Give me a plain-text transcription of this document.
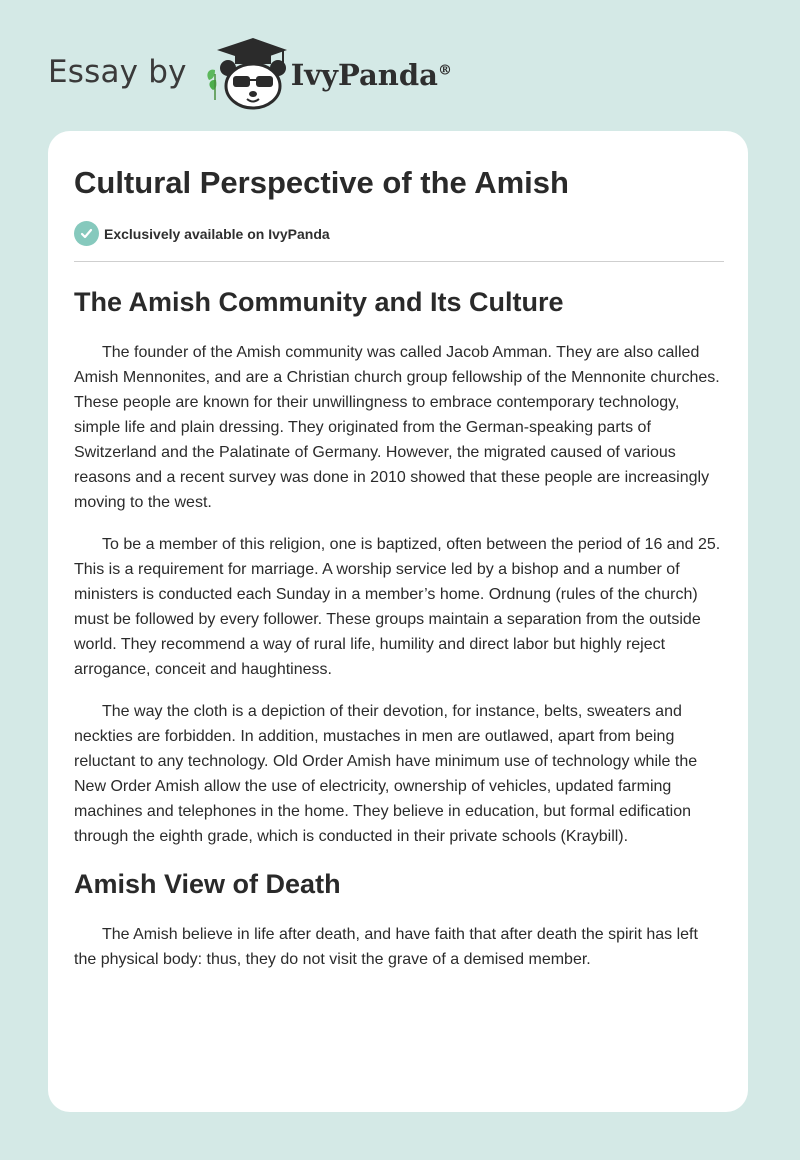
Essay by	IvyPanda®
Cultural Perspective of the Amish
Exclusively available on IvyPanda
The Amish Community and Its Culture

The founder of the Amish community was called Jacob Amman. They are also called Amish Mennonites, and are a Christian church group fellowship of the Mennonite churches. These people are known for their unwillingness to embrace contemporary technology, simple life and plain dressing. They originated from the German-speaking parts of Switzerland and the Palatinate of Germany. However, the migrated caused of various reasons and a recent survey was done in 2010 showed that these people are increasingly moving to the west.

To be a member of this religion, one is baptized, often between the period of 16 and 25. This is a requirement for marriage. A worship service led by a bishop and a number of ministers is conducted each Sunday in a member’s home. Ordnung (rules of the church) must be followed by every follower. These groups maintain a separation from the outside world. They recommend a way of rural life, humility and direct labor but highly reject arrogance, conceit and haughtiness.

The way the cloth is a depiction of their devotion, for instance, belts, sweaters and neckties are forbidden. In addition, mustaches in men are outlawed, apart from being reluctant to any technology. Old Order Amish have minimum use of technology while the New Order Amish allow the use of electricity, ownership of vehicles, updated farming machines and telephones in the home. They believe in education, but formal edification through the eighth grade, which is conducted in their private schools (Kraybill).

Amish View of Death

The Amish believe in life after death, and have faith that after death the spirit has left the physical body: thus, they do not visit the grave of a demised member.
